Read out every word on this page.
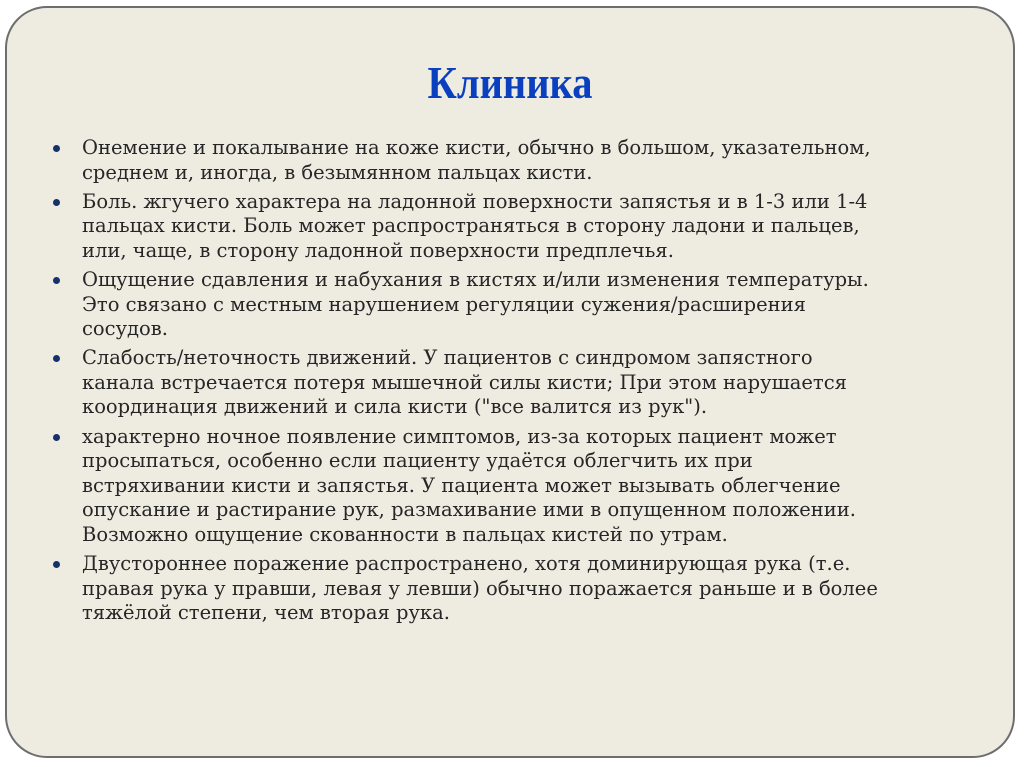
Клиника
Онемение и покалывание на коже кисти, обычно в большом, указательном,
среднем и, иногда, в безымянном пальцах кисти.
Боль. жгучего характера на ладонной поверхности запястья и в 1-3 или 1-4
пальцах кисти. Боль может распространяться в сторону ладони и пальцев,
или, чаще, в сторону ладонной поверхности предплечья.
Ощущение сдавления и набухания в кистях и/или изменения температуры.
Это связано с местным нарушением регуляции сужения/расширения
сосудов.
Слабость/неточность движений. У пациентов с синдромом запястного
канала встречается потеря мышечной силы кисти; При этом нарушается
координация движений и сила кисти ("все валится из рук").
характерно ночное появление симптомов, из-за которых пациент может
просыпаться, особенно если пациенту удаётся облегчить их при
встряхивании кисти и запястья. У пациента может вызывать облегчение
опускание и растирание рук, размахивание ими в опущенном положении.
Возможно ощущение скованности в пальцах кистей по утрам.
Двустороннее поражение распространено, хотя доминирующая рука (т.е.
правая рука у правши, левая у левши) обычно поражается раньше и в более
тяжёлой степени, чем вторая рука.
